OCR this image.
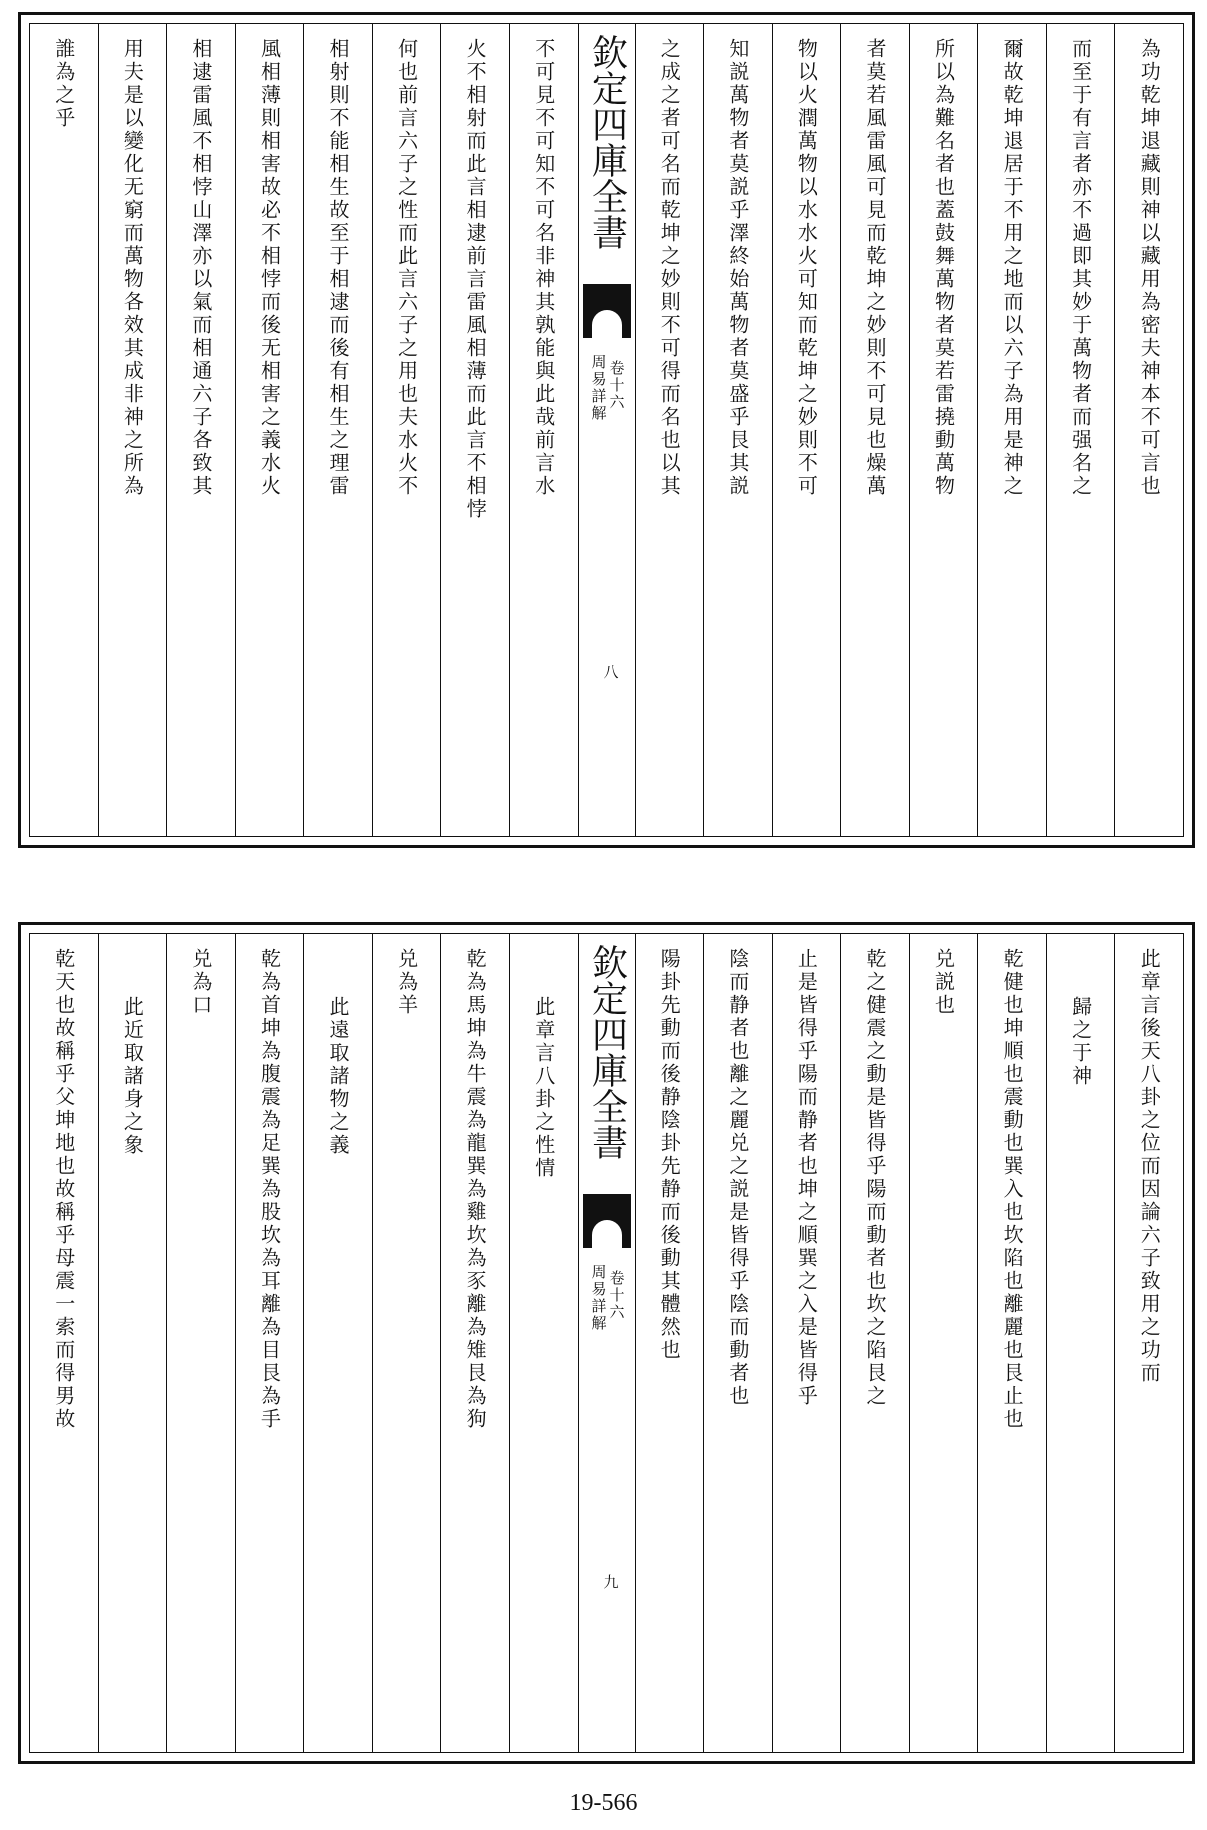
為功乾坤退藏則神以藏用為密夫神本不可言也
而至于有言者亦不過即其妙于萬物者而强名之
爾故乾坤退居于不用之地而以六子為用是神之
所以為難名者也蓋鼓舞萬物者莫若雷撓動萬物
者莫若風雷風可見而乾坤之妙則不可見也燥萬
物以火潤萬物以水水火可知而乾坤之妙則不可
知説萬物者莫説乎澤終始萬物者莫盛乎艮其説
之成之者可名而乾坤之妙則不可得而名也以其
欽定四庫全書
周易詳解 卷十六
八
不可見不可知不可名非神其孰能與此哉前言水
火不相射而此言相逮前言雷風相薄而此言不相悖
何也前言六子之性而此言六子之用也夫水火不
相射則不能相生故至于相逮而後有相生之理雷
風相薄則相害故必不相悖而後无相害之義水火
相逮雷風不相悖山澤亦以氣而相通六子各致其
用夫是以變化无窮而萬物各效其成非神之所為
誰為之乎
此章言後天八卦之位而因論六子致用之功而
歸之于神
乾健也坤順也震動也巽入也坎陷也離麗也艮止也
兑説也
乾之健震之動是皆得乎陽而動者也坎之陷艮之
止是皆得乎陽而静者也坤之順巽之入是皆得乎
陰而静者也離之麗兑之説是皆得乎陰而動者也
陽卦先動而後静陰卦先静而後動其體然也
欽定四庫全書
周易詳解 卷十六
九
此章言八卦之性情
乾為馬坤為牛震為龍巽為雞坎為豕離為雉艮為狗
兑為羊
此遠取諸物之義
乾為首坤為腹震為足巽為股坎為耳離為目艮為手
兑為口
此近取諸身之象
乾天也故稱乎父坤地也故稱乎母震一索而得男故
19-566
